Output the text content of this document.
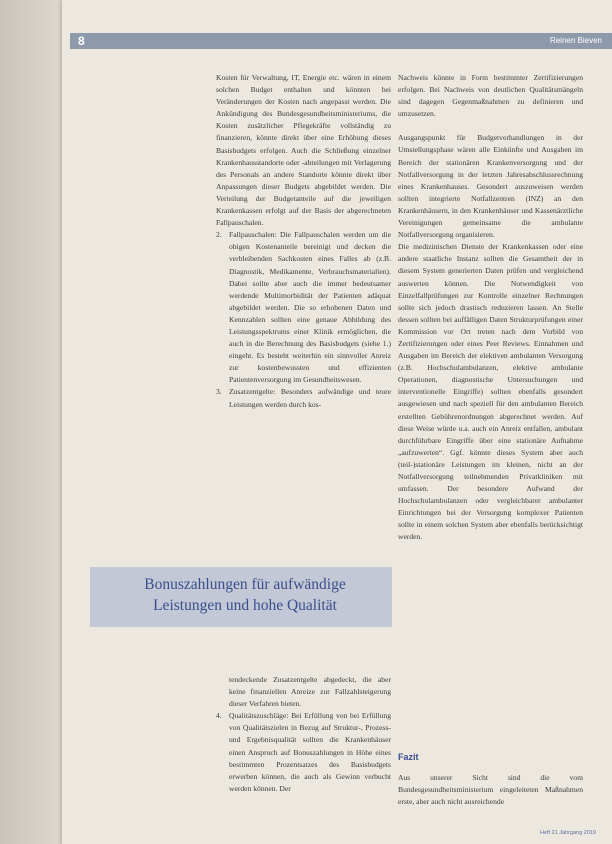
8	Reinen Bieven

Kosten für Verwaltung, IT, Energie etc. wären in einem solchen Budget enthalten und könnten bei Veränderungen der Kosten nach angepasst werden. Die Ankündigung des Bundesgesundheitsministeriums, die Kosten zusätzlicher Pflegekräfte vollständig zu finanzieren, könnte direkt über eine Erhöhung dieses Basisbudgets erfolgen. Auch die Schließung einzelner Krankenhausstandorte oder -abteilungen mit Verlagerung des Personals an andere Standorte könnte direkt über Anpassungen dieser Budgets abgebildet werden. Die Verteilung der Budgetanteile auf die jeweiligen Krankenkassen erfolgt auf der Basis der abgerechneten Fallpauschalen.

2. Fallpauschalen: Die Fallpauschalen werden um die obigen Kostenanteile bereinigt und decken die verbleibenden Sachkosten eines Falles ab (z.B. Diagnostik, Medikamente, Verbrauchsmaterialien). Dabei sollte aber auch die immer bedeutsamer werdende Multimorbidität der Patienten adäquat abgebildet werden. Die so erhobenen Daten und Kennzahlen sollten eine genaue Abbildung des Leistungsspektrums einer Klinik ermöglichen, die auch in die Berechnung des Basisbudgets (siehe 1.) eingeht. Es besteht weiterhin ein sinnvoller Anreiz zur kostenbewussten und effizienten Patientenversorgung im Gesundheitswesen.
3. Zusatzentgelte: Besonders aufwändige und teure Leistungen werden durch kos-
Bonuszahlungen für aufwändige
Leistungen und hohe Qualität
tendeckende Zusatzentgelte abgedeckt, die aber keine finanziellen Anreize zur Fallzahlsteigerung dieser Verfahren bieten.
4. Qualitätszuschläge: Bei Erfüllung von bei Erfüllung von Qualitätszielen in Bezug auf Struktur-, Prozess- und Ergebnisqualität sollten die Krankenhäuser einen Anspruch auf Bonuszahlungen in Höhe eines bestimmten Prozentsatzes des Basisbudgets erwerben können, die auch als Gewinn verbucht werden können. Der

Nachweis könnte in Form bestimmter Zertifizierungen erfolgen. Bei Nachweis von deutlichen Qualitätsmängeln sind dagegen Gegenmaßnahmen zu definieren und umzusetzen.

Ausgangspunkt für Budgetverhandlungen in der Umstellungsphase wären alle Einkünfte und Ausgaben im Bereich der stationären Krankenversorgung und der Notfallversorgung in der letzten Jahresabschlussrechnung eines Krankenhauses. Gesondert auszuweisen werden sollten integrierte Notfallzentren (INZ) an den Krankenhäusern, in den Krankenhäuser und Kassenärztliche Vereinigungen gemeinsame die ambulante Notfallversorgung organisieren.

Die medizinischen Dienste der Krankenkassen oder eine andere staatliche Instanz sollten die Gesamtheit der in diesem System generierten Daten prüfen und vergleichend auswerten können. Die Notwendigkeit von Einzelfallprüfungen zur Kontrolle einzelner Rechnungen sollte sich jedoch drastisch reduzieren lassen. An Stelle dessen sollten bei auffälligen Daten Strukturprüfungen einer Kommission vor Ort treten nach dem Vorbild von Zertifizierungen oder eines Peer Reviews. Einnahmen und Ausgaben im Bereich der elektiven ambulanten Versorgung (z.B. Hochschulambulanzen, elektive ambulante Operationen, diagnostische Untersuchungen und interventionelle Eingriffe) sollten ebenfalls gesondert ausgewiesen und nach speziell für den ambulanten Bereich erstellten Gebührenordnungen abgerechnet werden. Auf diese Weise würde u.a. auch ein Anreiz entfallen, ambulant durchführbare Eingriffe über eine stationäre Aufnahme „aufzuwerten“. Ggf. könnte dieses System aber auch (teil-)stationäre Leistungen im kleinen, nicht an der Notfallversorgung teilnehmenden Privatkliniken mit umfassen. Der besondere Aufwand der Hochschulambulanzen oder vergleichbarer ambulanter Einrichtungen bei der Versorgung komplexer Patienten sollte in einem solchen System aber ebenfalls berücksichtigt werden.

Fazit

Aus unserer Sicht sind die vom Bundesgesundheitsministerium eingeleiteten Maßnahmen erste, aber auch nicht ausreichende

Heft 21 Jahrgang 2019
